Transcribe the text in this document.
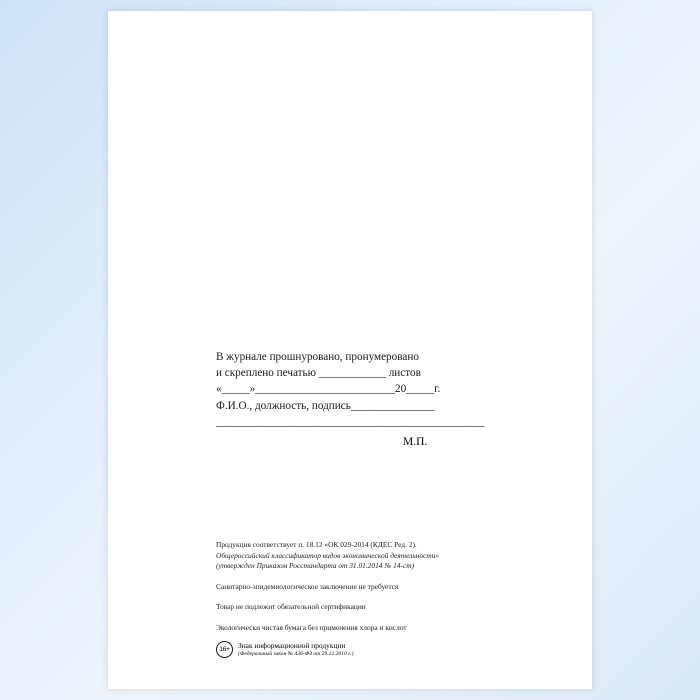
В журнале прошнуровано, пронумеровано
и скреплено печатью ____________ листов
«_____»_________________________20_____г.
Ф.И.О., должность, подпись_______________
________________________________________________
М.П.

Продукция соответствует п. 18.12 «ОК 029-2014 (КДЕС Ред. 2).

Общероссийский классификатор видов экономической деятельности»

(утвержден Приказом Росстандарта от 31.01.2014 № 14-ст)

Санитарно-эпидемиологическое заключение не требуется

Товар не подлежит обязательной сертификации

Экологически чистая бумага без применения хлора и кислот

16+	Знак информационной продукции
(Федеральный закон № 436-ФЗ от 29.12.2010 г.)
